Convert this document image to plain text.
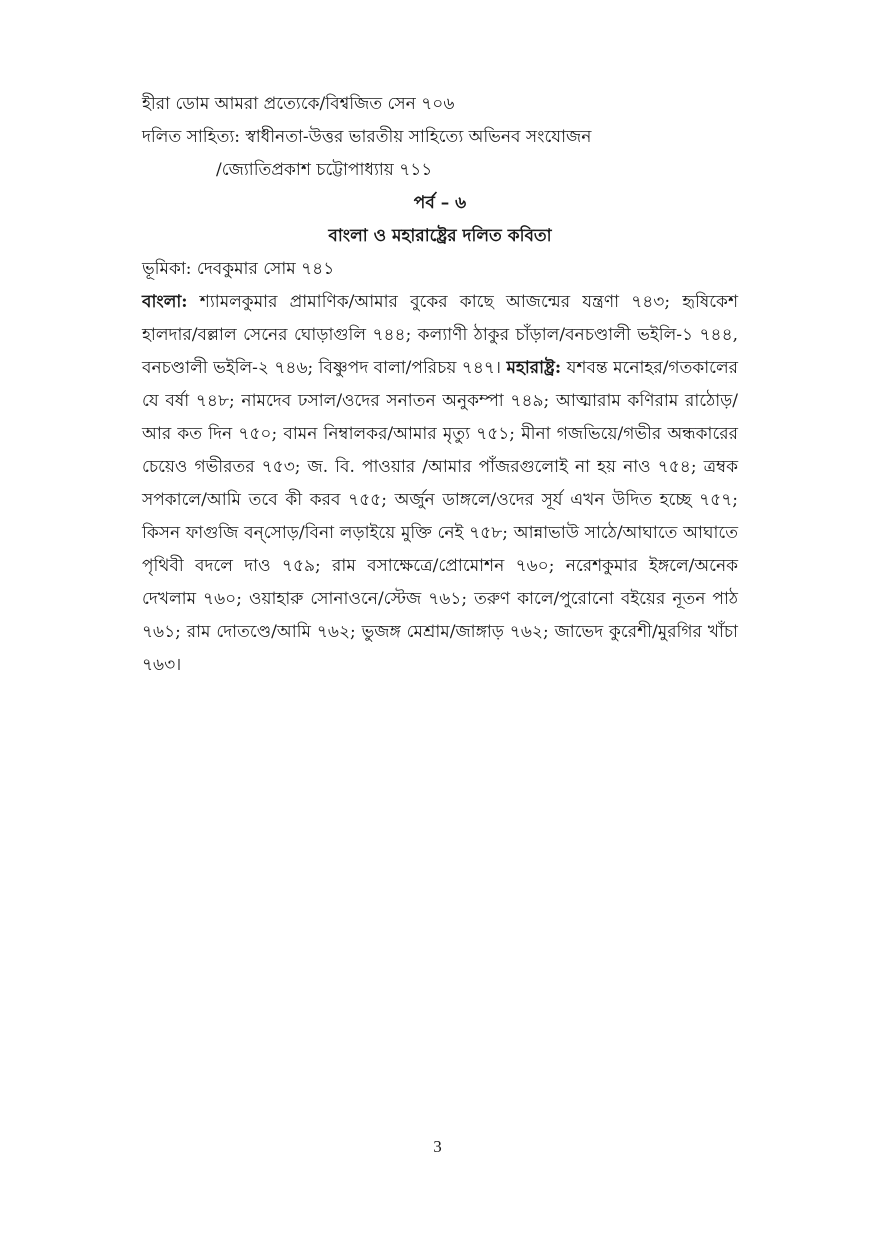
হীরা ডোম আমরা প্রত্যেকে/বিশ্বজিত সেন ৭০৬
দলিত সাহিত্য: স্বাধীনতা-উত্তর ভারতীয় সাহিত্যে অভিনব সংযোজন
/জ্যোতিপ্রকাশ চট্টোপাধ্যায় ৭১১
পর্ব – ৬
বাংলা ও মহারাষ্ট্রের দলিত কবিতা
ভূমিকা: দেবকুমার সোম ৭৪১
বাংলা: শ্যামলকুমার প্রামাণিক/আমার বুকের কাছে আজন্মের যন্ত্রণা ৭৪৩; হৃষিকেশ হালদার/বল্লাল সেনের ঘোড়াগুলি ৭৪৪; কল্যাণী ঠাকুর চাঁড়াল/বনচণ্ডালী ভইলি-১ ৭৪৪, বনচণ্ডালী ভইলি-২ ৭৪৬; বিষ্ণুপদ বালা/পরিচয় ৭৪৭। মহারাষ্ট্র: যশবন্ত মনোহর/গতকালের যে বর্ষা ৭৪৮; নামদেব ঢসাল/ওদের সনাতন অনুকম্পা ৭৪৯; আত্মারাম কণিরাম রাঠোড়/আর কত দিন ৭৫০; বামন নিম্বালকর/আমার মৃত্যু ৭৫১; মীনা গজভিয়ে/গভীর অন্ধকারের চেয়েও গভীরতর ৭৫৩; জ. বি. পাওয়ার /আমার পাঁজরগুলোই না হয় নাও ৭৫৪; ত্রম্বক সপকালে/আমি তবে কী করব ৭৫৫; অর্জুন ডাঙ্গলে/ওদের সূর্য এখন উদিত হচ্ছে ৭৫৭; কিসন ফাগুজি বন্‌সোড়/বিনা লড়াইয়ে মুক্তি নেই ৭৫৮; আন্নাভাউ সাঠে/আঘাতে আঘাতে পৃথিবী বদলে দাও ৭৫৯; রাম বসাক্ষেত্রে/প্রোমোশন ৭৬০; নরেশকুমার ইঙ্গলে/অনেক দেখলাম ৭৬০; ওয়াহারু সোনাওনে/স্টেজ ৭৬১; তরুণ কালে/পুরোনো বইয়ের নূতন পাঠ ৭৬১; রাম দোতণ্ডে/আমি ৭৬২; ভুজঙ্গ মেশ্রাম/জাঙ্গাড় ৭৬২; জাভেদ কুরেশী/মুরগির খাঁচা ৭৬৩।
3
